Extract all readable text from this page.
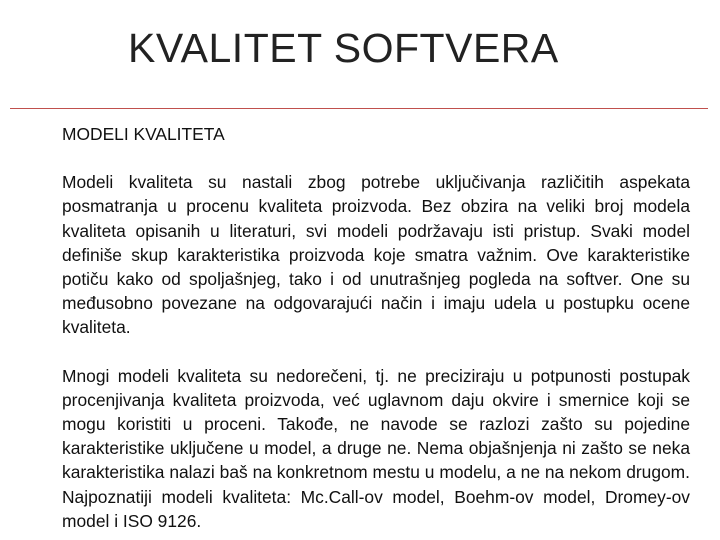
KVALITET SOFTVERA

MODELI KVALITETA

Modeli kvaliteta su nastali zbog potrebe uključivanja različitih aspekata posmatranja u procenu kvaliteta proizvoda. Bez obzira na veliki broj modela kvaliteta opisanih u literaturi, svi modeli podržavaju isti pristup. Svaki model definiše skup karakteristika proizvoda koje smatra važnim. Ove karakteristike potiču kako od spoljašnjeg, tako i od unutrašnjeg pogleda na softver. One su međusobno povezane na odgovarajući način i imaju udela u postupku ocene kvaliteta.

Mnogi modeli kvaliteta su nedorečeni, tj. ne preciziraju u potpunosti postupak procenjivanja kvaliteta proizvoda, već uglavnom daju okvire i smernice koji se mogu koristiti u proceni. Takođe, ne navode se razlozi zašto su pojedine karakteristike uključene u model, a druge ne. Nema objašnjenja ni zašto se neka karakteristika nalazi baš na konkretnom mestu u modelu, a ne na nekom drugom. Najpoznatiji modeli kvaliteta: Mc.Call-ov model, Boehm-ov model, Dromey-ov model i ISO 9126.
